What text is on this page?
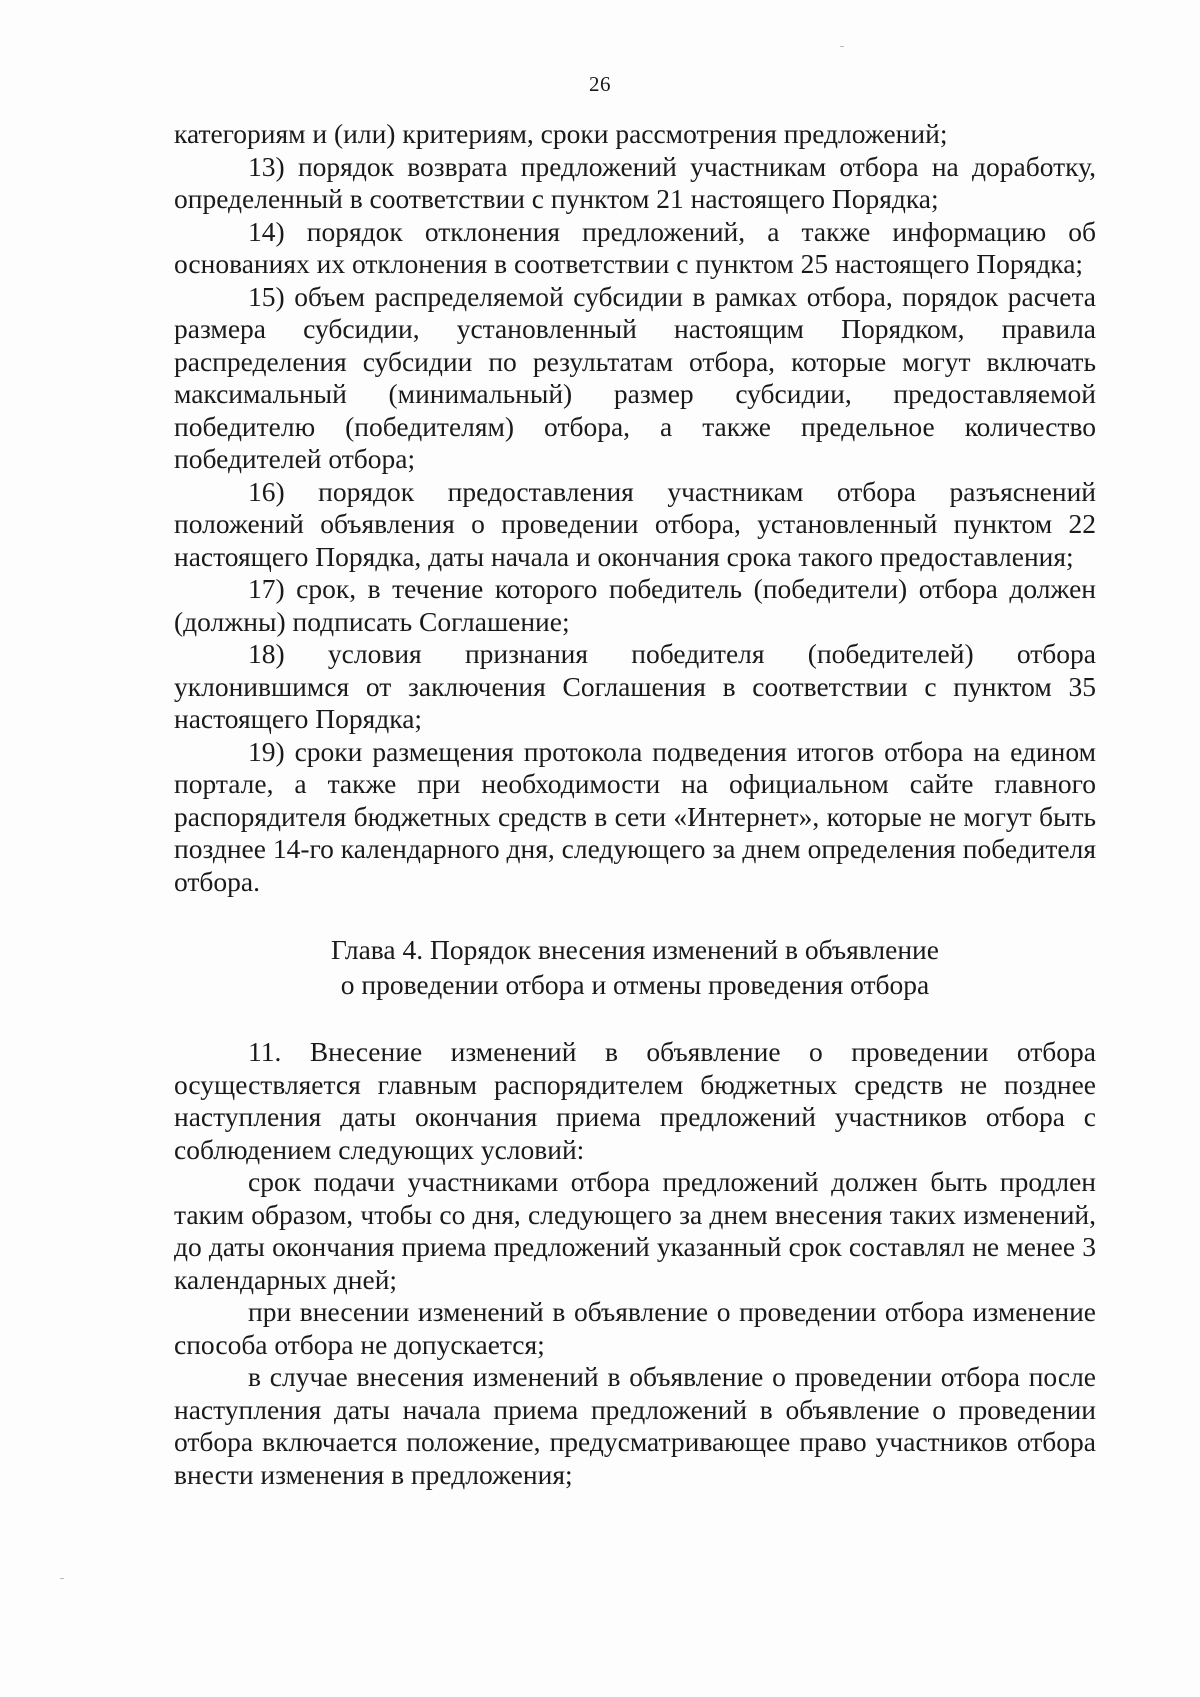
26

категориям и (или) критериям, сроки рассмотрения предложений;

13) порядок возврата предложений участникам отбора на доработку, определенный в соответствии с пунктом 21 настоящего Порядка;

14) порядок отклонения предложений, а также информацию об основаниях их отклонения в соответствии с пунктом 25 настоящего Порядка;

15) объем распределяемой субсидии в рамках отбора, порядок расчета размера субсидии, установленный настоящим Порядком, правила распределения субсидии по результатам отбора, которые могут включать максимальный (минимальный) размер субсидии, предоставляемой победителю (победителям) отбора, а также предельное количество победителей отбора;

16) порядок предоставления участникам отбора разъяснений положений объявления о проведении отбора, установленный пунктом 22 настоящего Порядка, даты начала и окончания срока такого предоставления;

17) срок, в течение которого победитель (победители) отбора должен (должны) подписать Соглашение;

18) условия признания победителя (победителей) отбора уклонившимся от заключения Соглашения в соответствии с пунктом 35 настоящего Порядка;

19) сроки размещения протокола подведения итогов отбора на едином портале, а также при необходимости на официальном сайте главного распорядителя бюджетных средств в сети «Интернет», которые не могут быть позднее 14-го календарного дня, следующего за днем определения победителя отбора.

Глава 4. Порядок внесения изменений в объявление
о проведении отбора и отмены проведения отбора

11. Внесение изменений в объявление о проведении отбора осуществляется главным распорядителем бюджетных средств не позднее наступления даты окончания приема предложений участников отбора с соблюдением следующих условий:

срок подачи участниками отбора предложений должен быть продлен таким образом, чтобы со дня, следующего за днем внесения таких изменений, до даты окончания приема предложений указанный срок составлял не менее 3 календарных дней;

при внесении изменений в объявление о проведении отбора изменение способа отбора не допускается;

в случае внесения изменений в объявление о проведении отбора после наступления даты начала приема предложений в объявление о проведении отбора включается положение, предусматривающее право участников отбора внести изменения в предложения;
